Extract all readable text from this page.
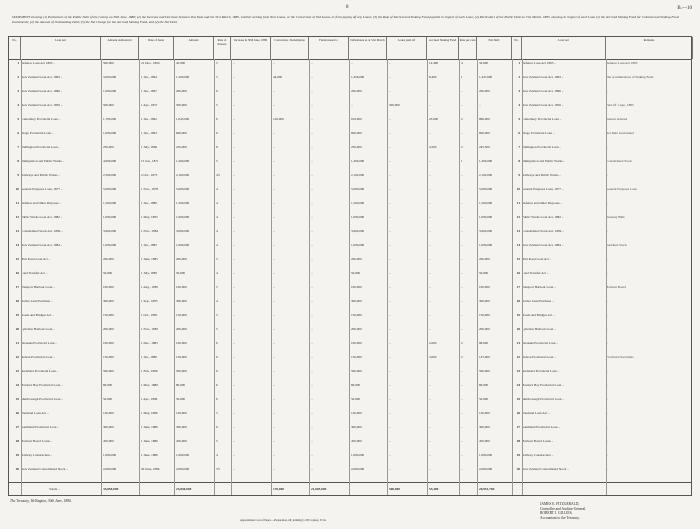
8	B.—10
STATEMENT showing (1) Particulars of the Public Debt of the Colony on 30th June, 1886; (2) the Increase and Decrease between that Date and the 31st March, 1885, whether arising from New Loans, or the Conversion of Old Loans, or from paying off any Loans; (3) the Rate of Interest and Sinking Fund payable in respect of each Loan; (4) Particulars of the Public Debt on 31st March, 1885, showing in respect of each Loan (1) the Accrued Sinking Fund for Colonial and Sinking Fund Investments; (2) the Amount of Outstanding Debt; (3) the Net Charge for the Accrued Sinking Fund, and (4) the Net Debt.
No.	Loan Act	Amount Authorized	Date of Issue	Amount	Rate of Interest
Increase in 30th June, 1886	Conversion / Redemption	Funds issued to	Debentures as at 31st March	Loans paid off	Accrued Sinking Fund	Rate per cent	Net Debt	No.	Loan Act	Remarks
1 Defence Loan Act 1863 ..	500,000	21 Dec., 1864	45,000	5	..	..	..	..	..	12,400	4	32,600	1 Defence Loan Act 1863 ..	Defence Loan Act 1863
2 New Zealand Loan Act, 1863 ..	3,000,000	1 Jan., 1864	1,500,000	5	..	44,000	..	1,456,000	..	8,400	1	1,447,600	2 New Zealand Loan Act, 1863 ..	The accumulations of Sinking Fund
3 New Zealand Loan Act, 1866 ..	1,000,000	1 Jan., 1867	200,000	6	..	..	..	200,000	..	..	..	200,000	3 New Zealand Loan Act, 1866 ..	..
4 New Zealand Loan Act, 1856 ..	500,000	1 Apr., 1857	500,000	5	..	..	..	..	500,000	..	..	..	4 New Zealand Loan Act, 1856 ..	Paid off 1 Apr., 1885
5 Canterbury Provincial Loan ..	1,700,000	1 Jan., 1862	1,045,000	6	..	126,000	..	919,000	..	23,000	2	896,000	5 Canterbury Provincial Loan ..	Interest reduced
6 Otago Provincial Loan ..	1,000,000	1 Jan., 1863	600,000	6	..	..	..	600,000	..	..	..	600,000	6 Otago Provincial Loan ..	Net Debt ascertained
7 Wellington Provincial Loan ..	250,000	1 July, 1866	250,000	8	..	..	..	250,000	..	4,500	2	245,500	7 Wellington Provincial Loan ..	..
8 Immigration and Public Works ..	4,000,000	15 Jan., 1871	1,200,000	5	..	..	..	1,200,000	..	..	1	1,200,000	8 Immigration and Public Works ..	Consolidated Stock
9 Railways and Public Works ..	2,500,000	2 Oct., 1873	2,100,000	4½	..	..	..	2,100,000	..	..	..	2,100,000	9 Railways and Public Works ..	..
10 General Purposes Loan, 1877 ..	5,000,000	1 Nov., 1878	5,000,000	4	..	..	..	5,000,000	..	..	..	5,000,000	10 General Purposes Loan, 1877 ..	General Purposes Loan
11 Defence and Other Purposes ..	1,500,000	1 Jan., 1880	1,500,000	4	..	..	..	1,500,000	..	..	..	1,500,000	11 Defence and Other Purposes ..	..
12 Public Works Loan Act, 1882 ..	1,000,000	1 May, 1883	1,000,000	4	..	..	..	1,000,000	..	..	..	1,000,000	12 Public Works Loan Act, 1882 ..	Treasury Bills
13 Consolidated Stock Act, 1884 ..	3,000,000	1 Nov., 1884	3,000,000	4	..	..	..	3,000,000	..	..	..	3,000,000	13 Consolidated Stock Act, 1884 ..	..
14 New Zealand Loan Act, 1884 ..	1,000,000	1 Jan., 1885	1,000,000	4	..	..	..	1,000,000	..	..	..	1,000,000	14 New Zealand Loan Act, 1884 ..	Inscribed Stock
15 Hutt Road Loan Act ..	200,000	1 June, 1885	200,000	5	..	..	..	200,000	..	..	..	200,000	15 Hutt Road Loan Act ..	..
16 Land Transfer Act ..	50,000	1 July, 1885	50,000	4	..	..	..	50,000	..	..	..	50,000	16 Land Transfer Act ..	..
17 Westport Harbour Loan ..	100,000	1 Aug., 1885	100,000	5	..	..	..	100,000	..	..	..	100,000	17 Westport Harbour Loan ..	Harbour Board
18 Native Land Purchase ..	300,000	1 Sep., 1885	300,000	4	..	..	..	300,000	..	..	..	300,000	18 Native Land Purchase ..	..
19 Roads and Bridges Act ..	150,000	1 Oct., 1885	150,000	5	..	..	..	150,000	..	..	..	150,000	19 Roads and Bridges Act ..	..
20 Lyttelton Harbour Loan ..	200,000	1 Nov., 1885	200,000	5	..	..	..	200,000	..	..	..	200,000	20 Lyttelton Harbour Loan ..	..
21 Taranaki Provincial Loan ..	100,000	1 Dec., 1885	100,000	6	..	..	..	100,000	..	2,000	2	98,000	21 Taranaki Provincial Loan ..	..
22 Nelson Provincial Loan ..	150,000	1 Jan., 1886	150,000	6	..	..	..	150,000	..	3,000	2	147,000	22 Nelson Provincial Loan ..	Provincial Securities
23 Auckland Provincial Loan ..	500,000	1 Feb., 1886	500,000	6	..	..	..	500,000	..	..	..	500,000	23 Auckland Provincial Loan ..	..
24 Hawke's Bay Provincial Loan ..	80,000	1 Mar., 1886	80,000	6	..	..	..	80,000	..	..	..	80,000	24 Hawke's Bay Provincial Loan ..	..
25 Marlborough Provincial Loan ..	50,000	1 Apr., 1886	50,000	6	..	..	..	50,000	..	..	..	50,000	25 Marlborough Provincial Loan ..	..
26 Westland Loan Act ..	120,000	1 May, 1886	120,000	5	..	..	..	120,000	..	..	..	120,000	26 Westland Loan Act ..	..
27 Southland Provincial Loan ..	300,000	1 June, 1886	300,000	6	..	..	..	300,000	..	..	..	300,000	27 Southland Provincial Loan ..	..
28 Harbour Board Loans ..	450,000	1 June, 1886	450,000	5	..	..	..	450,000	..	..	..	450,000	28 Harbour Board Loans ..	..
29 Railway Construction ..	1,000,000	1 June, 1886	1,000,000	4	..	..	..	1,000,000	..	..	..	1,000,000	29 Railway Construction ..	..
30 New Zealand Consolidated Stock ..	2,000,000	30 June, 1886	2,000,000	3½	..	..	..	2,000,000	..	..	..	2,000,000	30 New Zealand Consolidated Stock ..	..
Totals ..	35,850,000	23,840,000	170,000	21,005,000	500,000	53,300	20,951,700
The Treasury, Wellington, 30th June, 1886.
Approximate Cost of Paper.—Preparation, nil; printing (1,350 copies), £3 4s.
JAMES E. FITZGERALD,
Controller and Auditor-General.
ROBERT J. GILLIES,
Accountant to the Treasury.
